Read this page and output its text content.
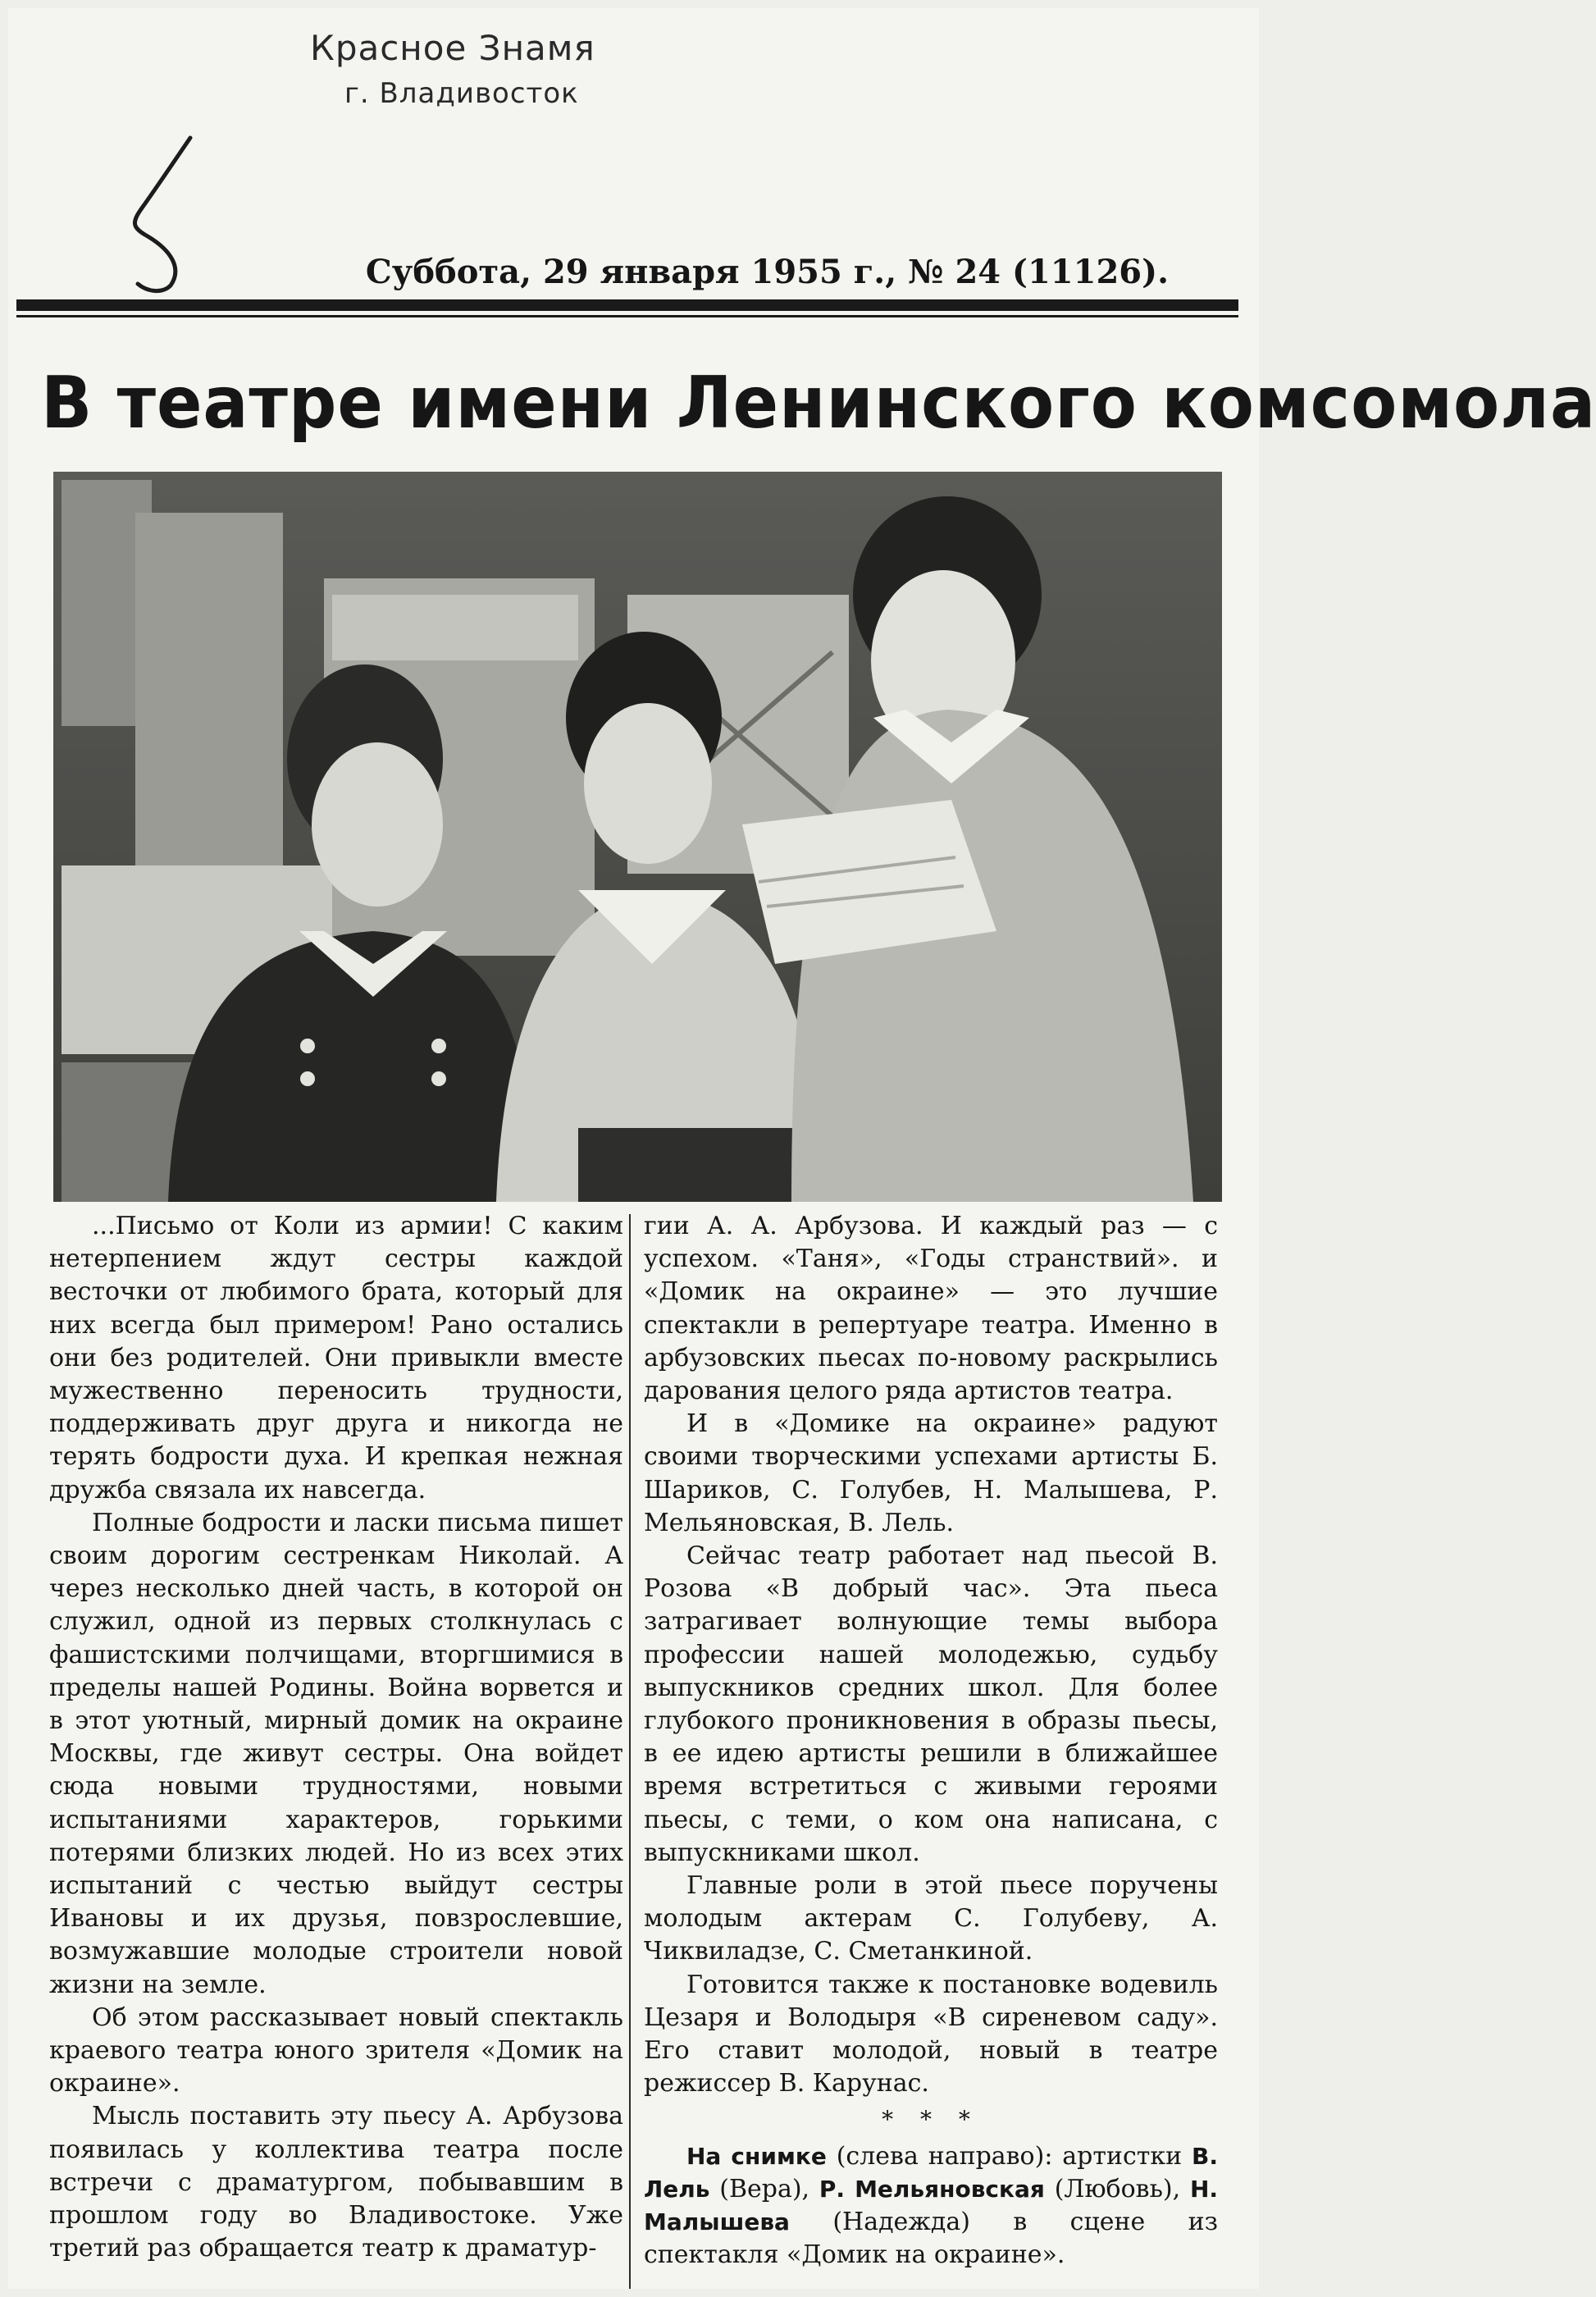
Красное Знамя
г. Владивосток
Суббота, 29 января 1955 г., № 24 (11126).
В театре имени Ленинского комсомола

...Письмо от Коли из армии! С каким нетерпением ждут сестры каждой весточки от любимого брата, который для них всегда был примером! Рано остались они без родителей. Они привыкли вместе мужественно переносить трудности, поддерживать друг друга и никогда не терять бодрости духа. И крепкая нежная дружба связала их навсегда.

Полные бодрости и ласки письма пишет своим дорогим сестренкам Николай. А через несколько дней часть, в которой он служил, одной из первых столкнулась с фашистскими полчищами, вторгшимися в пределы нашей Родины. Война ворвется и в этот уютный, мирный домик на окраине Москвы, где живут сестры. Она войдет сюда новыми трудностями, новыми испытаниями характеров, горькими потерями близких людей. Но из всех этих испытаний с честью выйдут сестры Ивановы и их друзья, повзрослевшие, возмужавшие молодые строители новой жизни на земле.

Об этом рассказывает новый спектакль краевого театра юного зрителя «Домик на окраине».

Мысль поставить эту пьесу А. Арбузова появилась у коллектива театра после встречи с драматургом, побывавшим в прошлом году во Владивостоке. Уже третий раз обращается театр к драматур-

гии А. А. Арбузова. И каждый раз — с успехом. «Таня», «Годы странствий». и «Домик на окраине» — это лучшие спектакли в репертуаре театра. Именно в арбузовских пьесах по-новому раскрылись дарования целого ряда артистов театра.

И в «Домике на окраине» радуют своими творческими успехами артисты Б. Шариков, С. Голубев, Н. Малышева, Р. Мельяновская, В. Лель.

Сейчас театр работает над пьесой В. Розова «В добрый час». Эта пьеса затрагивает волнующие темы выбора профессии нашей молодежью, судьбу выпускников средних школ. Для более глубокого проникновения в образы пьесы, в ее идею артисты решили в ближайшее время встретиться с живыми героями пьесы, с теми, о ком она написана, с выпускниками школ.

Главные роли в этой пьесе поручены молодым актерам С. Голубеву, А. Чиквиладзе, С. Сметанкиной.

Готовится также к постановке водевиль Цезаря и Володыря «В сиреневом саду». Его ставит молодой, новый в театре режиссер В. Карунас.

* * *

На снимке (слева направо): артистки В. Лель (Вера), Р. Мельяновская (Любовь), Н. Малышева (Надежда) в сцене из спектакля «Домик на окраине».
